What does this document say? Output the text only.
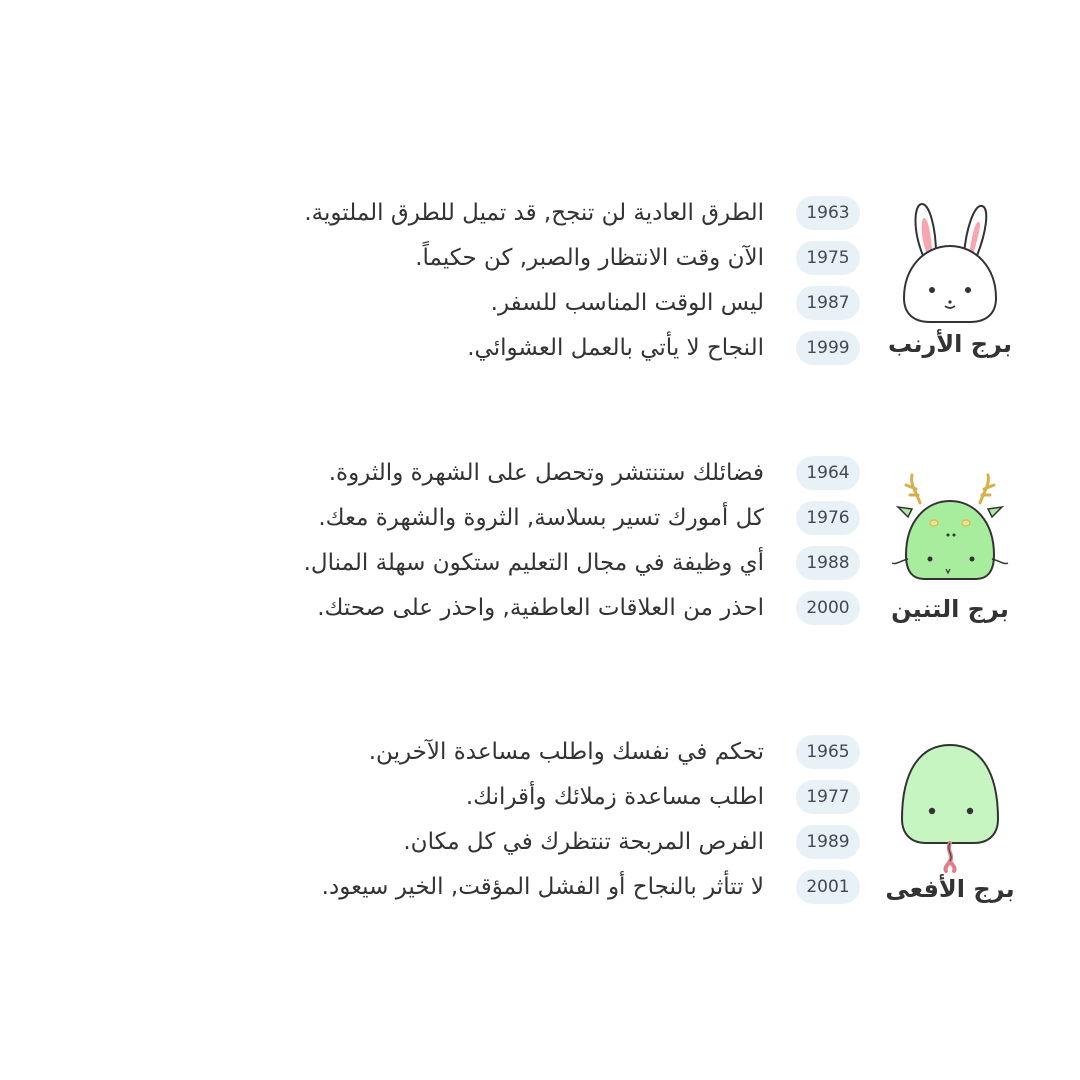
برج الأرنب
1963
الطرق العادية لن تنجح, قد تميل للطرق الملتوية.
1975
الآن وقت الانتظار والصبر, كن حكيماً.
1987
ليس الوقت المناسب للسفر.
1999
النجاح لا يأتي بالعمل العشوائي.
برج التنين
1964
فضائلك ستنتشر وتحصل على الشهرة والثروة.
1976
كل أمورك تسير بسلاسة, الثروة والشهرة معك.
1988
أي وظيفة في مجال التعليم ستكون سهلة المنال.
2000
احذر من العلاقات العاطفية, واحذر على صحتك.
برج الأفعى
1965
تحكم في نفسك واطلب مساعدة الآخرين.
1977
اطلب مساعدة زملائك وأقرانك.
1989
الفرص المربحة تنتظرك في كل مكان.
2001
لا تتأثر بالنجاح أو الفشل المؤقت, الخير سيعود.
